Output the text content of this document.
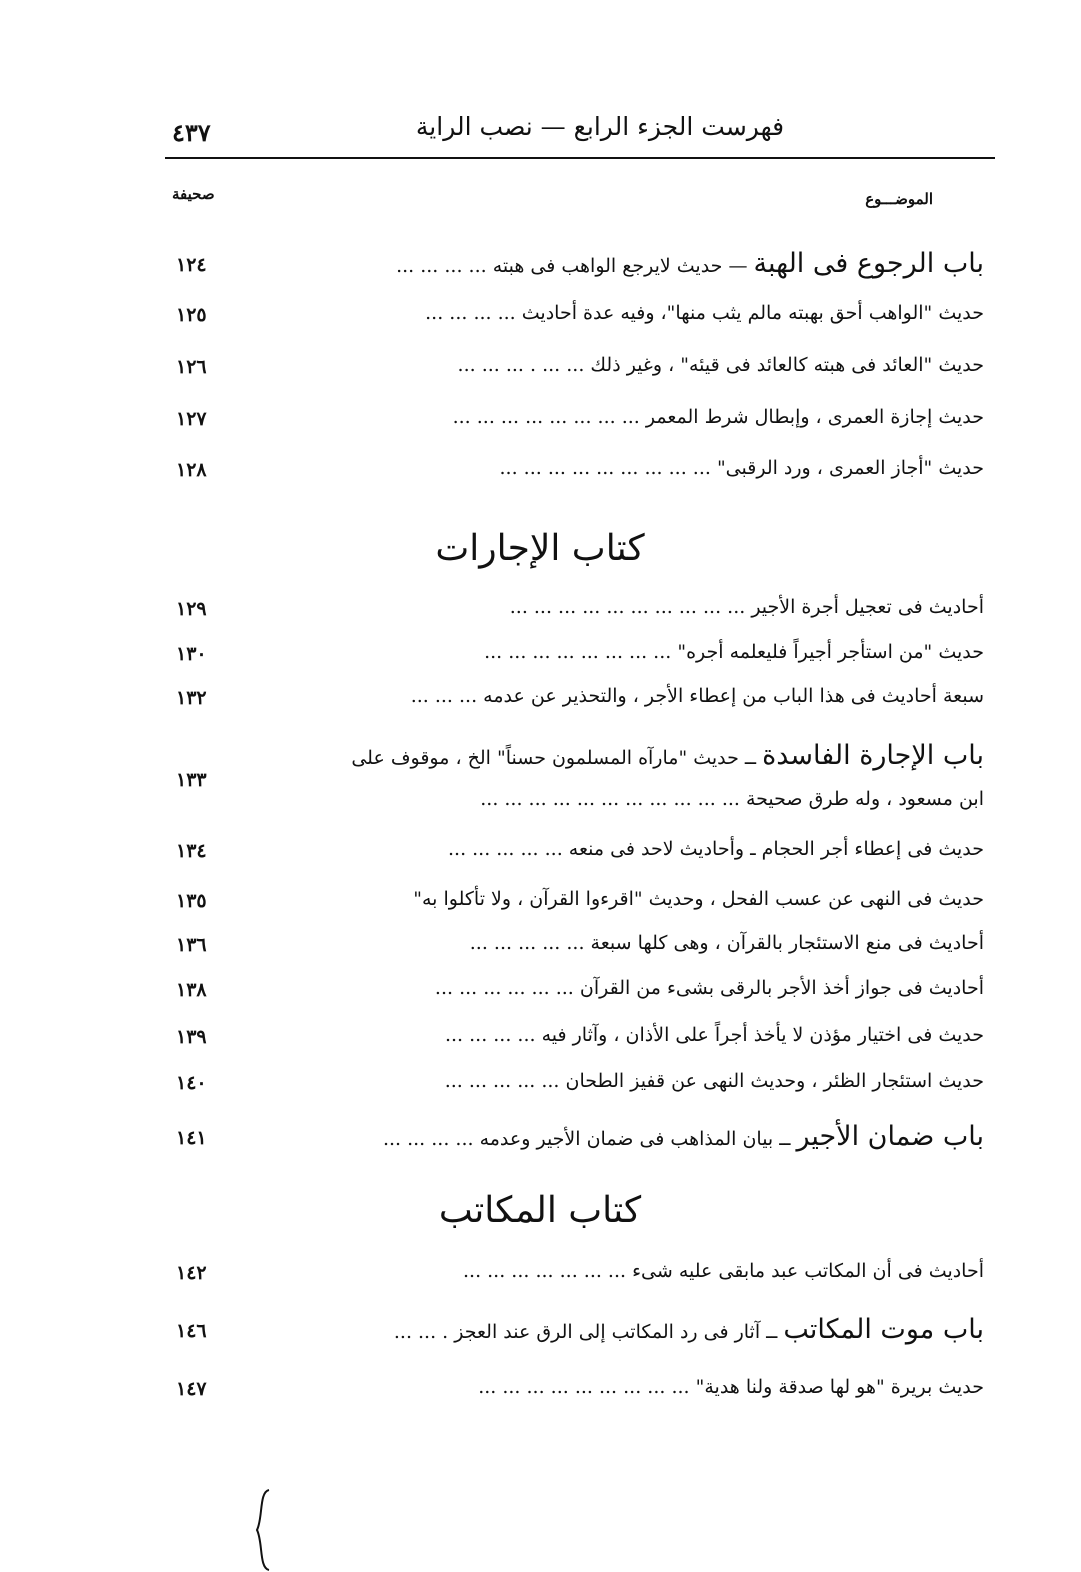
فهرست الجزء الرابع — نصب الراية
٤٣٧
الموضـــوع
صحيفة
باب الرجوع فى الهبة — حديث لايرجع الواهب فى هبته ... ... ... ...
١٢٤
حديث "الواهب أحق بهبته مالم يثب منها"، وفيه عدة أحاديث ... ... ... ...
١٢٥
حديث "العائد فى هبته كالعائد فى قيئه" ، وغير ذلك ... ... . ... ... ...
١٢٦
حديث إجازة العمرى ، وإبطال شرط المعمر ... ... ... ... ... ... ... ...
١٢٧
حديث "أجاز العمرى ، ورد الرقبى" ... ... ... ... ... ... ... ... ...
١٢٨
كتاب الإجارات
أحاديث فى تعجيل أجرة الأجير ... ... ... ... ... ... ... ... ... ...
١٢٩
حديث "من استأجر أجيراً فليعلمه أجره" ... ... ... ... ... ... ... ...
١٣٠
سبعة أحاديث فى هذا الباب من إعطاء الأجر ، والتحذير عن عدمه ... ... ...
١٣٢
باب الإجارة الفاسدة ــ حديث "مارآه المسلمون حسناً" الخ ، موقوف على
ابن مسعود ، وله طرق صحيحة ... ... ... ... ... ... ... ... ... ... ...
١٣٣
حديث فى إعطاء أجر الحجام ـ وأحاديث لاحد فى منعه ... ... ... ... ...
١٣٤
حديث فى النهى عن عسب الفحل ، وحديث "اقرءوا القرآن ، ولا تأكلوا به"
١٣٥
أحاديث فى منع الاستئجار بالقرآن ، وهى كلها سبعة ... ... ... ... ...
١٣٦
أحاديث فى جواز أخذ الأجر بالرقى بشىء من القرآن ... ... ... ... ... ...
١٣٨
حديث فى اختيار مؤذن لا يأخذ أجراً على الأذان ، وآثار فيه ... ... ... ...
١٣٩
حديث استئجار الظئر ، وحديث النهى عن قفيز الطحان ... ... ... ... ...
١٤٠
باب ضمان الأجير ــ بيان المذاهب فى ضمان الأجير وعدمه ... ... ... ...
١٤١
كتاب المكاتب
أحاديث فى أن المكاتب عبد مابقى عليه شىء ... ... ... ... ... ... ...
١٤٢
باب موت المكاتب ــ آثار فى رد المكاتب إلى الرق عند العجز . ... ...
١٤٦
حديث بريرة "هو لها صدقة ولنا هدية" ... ... ... ... ... ... ... ... ...
١٤٧
